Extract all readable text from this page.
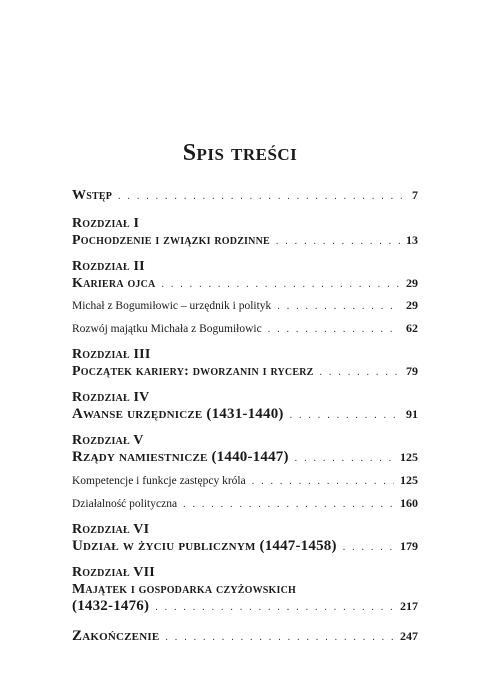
Spis treści
Wstęp . . .	7
Rozdział I
Pochodzenie i związki rodzinne . . .	13
Rozdział II
Kariera ojca . . .	29
Michał z Bogumiłowic – urzędnik i polityk . . .	29
Rozwój majątku Michała z Bogumiłowic . . .	62
Rozdział III
Początek kariery: dworzanin i rycerz . . .	79
Rozdział IV
Awanse urzędnicze (1431-1440) . . .	91
Rozdział V
Rządy namiestnicze (1440-1447) . . .	125
Kompetencje i funkcje zastępcy króla . . .	125
Działalność polityczna . . .	160
Rozdział VI
Udział w życiu publicznym (1447-1458) . . .	179
Rozdział VII
Majątek i gospodarka czyżowskich
(1432-1476) . . .	217
Zakończenie . . .	247
